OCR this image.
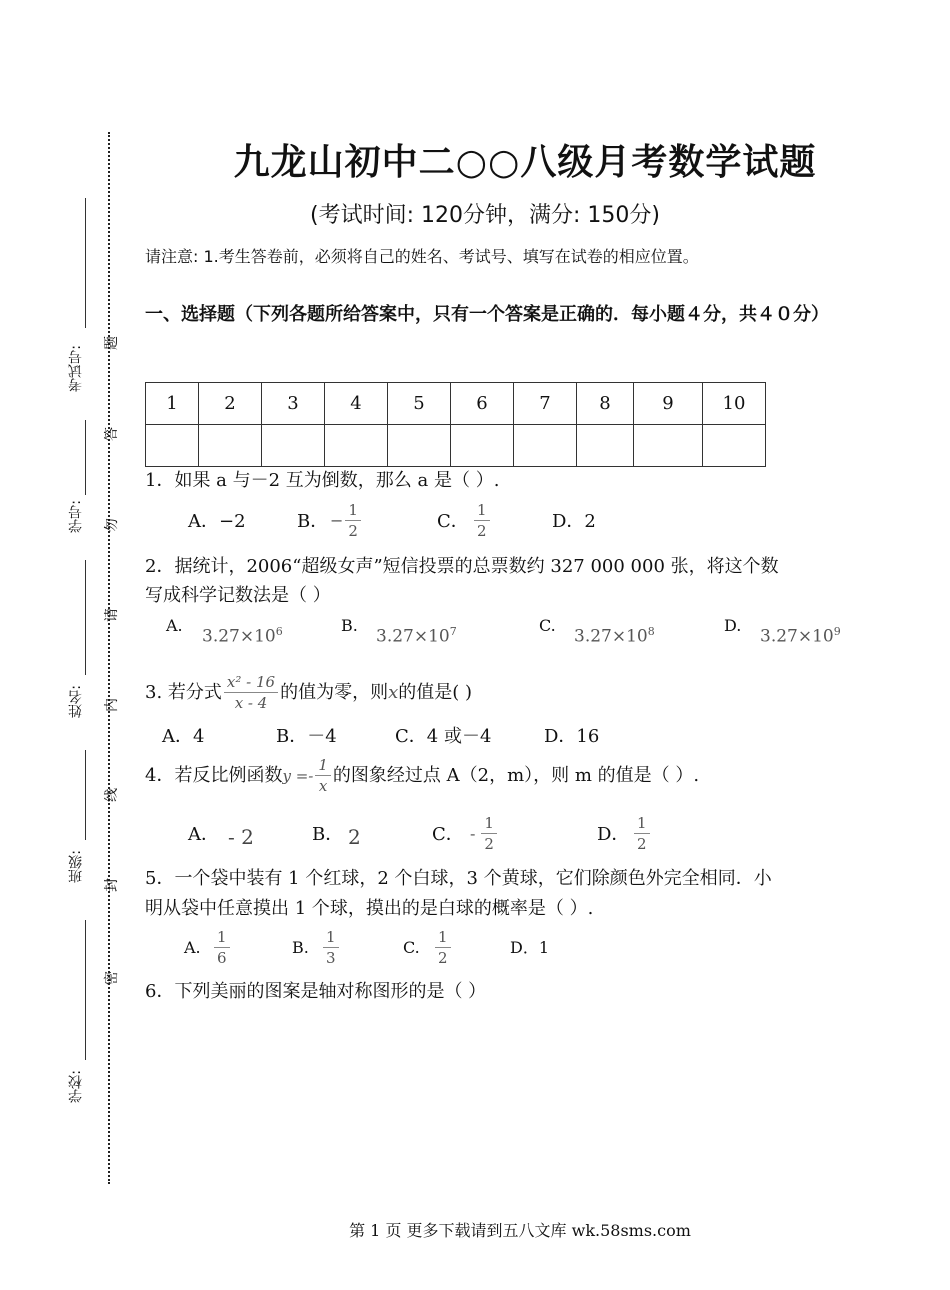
考试号:
学号:
姓名:
班级:
学校:
题
答
勿
请
内
线
封
密
九龙山初中二○○八级月考数学试题
(考试时间: 120分钟，满分: 150分)
请注意: 1.考生答卷前，必须将自己的姓名、考试号、填写在试卷的相应位置。
一、选择题（下列各题所给答案中，只有一个答案是正确的．每小题４分，共４０分）
1	2	3	4	5	6	7	8	9	10

1．如果 a 与－2 互为倒数，那么 a 是（ ）.
A．−2	B． − $\frac{1}{2}$	C． $\frac{1}{2}$	D．2
2．据统计，2006“超级女声”短信投票的总票数约 327 000 000 张，将这个数
写成科学记数法是（ ）
A.
$3.27\times 10^6$	B.
$3.27\times 10^7$	C.
$3.27\times 10^8$	D.
$3.27\times 10^9$
3. 若分式 $\frac{\text{x² - 16}}{x - 4}$ 的值为零，则 x 的值是( )
A．4	B．－4	C．4 或－4	D．16
4．若反比例函数 $y =- \frac{1}{x}$ 的图象经过点 A（2，m），则 m 的值是（ ）.
A． - 2	B． 2	C． - $\frac{1}{2}$	D． $\frac{1}{2}$
5．一个袋中装有 1 个红球，2 个白球，3 个黄球，它们除颜色外完全相同．小
明从袋中任意摸出 1 个球，摸出的是白球的概率是（ ）.
A. $\frac{1}{6}$	B. $\frac{1}{3}$	C. $\frac{1}{2}$	D．1
6．下列美丽的图案是轴对称图形的是（ ）
第 1 页 更多下载请到五八文库 wk.58sms.com
